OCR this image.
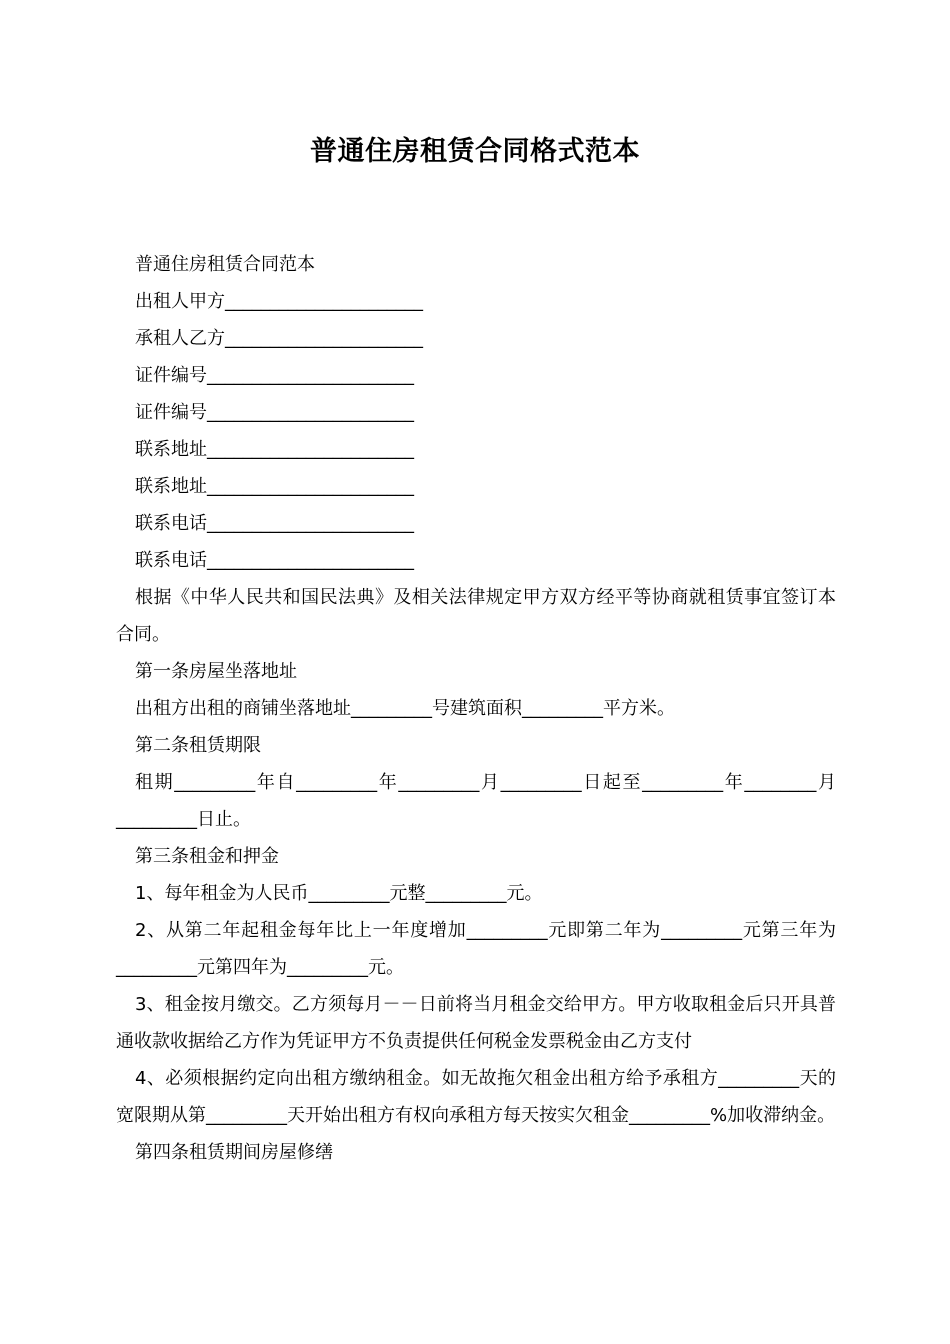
普通住房租赁合同格式范本

普通住房租赁合同范本

出租人甲方______________________

承租人乙方______________________

证件编号_______________________

证件编号_______________________

联系地址_______________________

联系地址_______________________

联系电话_______________________

联系电话_______________________

根据《中华人民共和国民法典》及相关法律规定甲方双方经平等协商就租赁事宜签订本合同。

第一条房屋坐落地址

出租方出租的商铺坐落地址_________号建筑面积_________平方米。

第二条租赁期限

租期_________年自_________年_________月_________日起至_________年________月_________日止。

第三条租金和押金

1、每年租金为人民币_________元整_________元。

2、从第二年起租金每年比上一年度增加_________元即第二年为_________元第三年为_________元第四年为_________元。

3、租金按月缴交。乙方须每月－－日前将当月租金交给甲方。甲方收取租金后只开具普通收款收据给乙方作为凭证甲方不负责提供任何税金发票税金由乙方支付

4、必须根据约定向出租方缴纳租金。如无故拖欠租金出租方给予承租方_________天的宽限期从第_________天开始出租方有权向承租方每天按实欠租金_________%加收滞纳金。

第四条租赁期间房屋修缮
